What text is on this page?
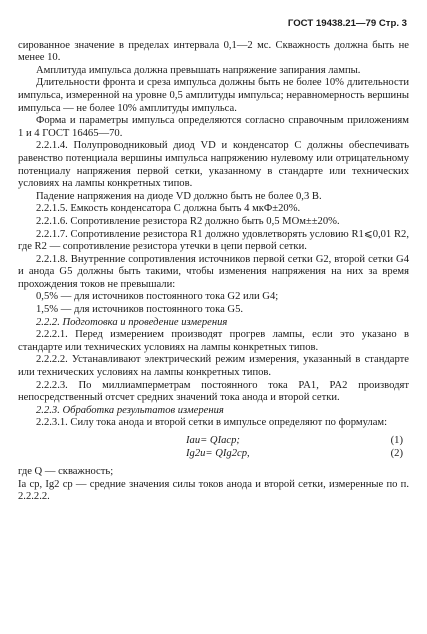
ГОСТ 19438.21—79 Стр. 3

сированное значение в пределах интервала 0,1—2 мс. Скважность должна быть не менее 10.

Амплитуда импульса должна превышать напряжение запирания лампы.

Длительности фронта и среза импульса должны быть не более 10% длительности импульса, измеренной на уровне 0,5 амплитуды импульса; неравномерность вершины импульса — не более 10% амплитуды импульса.

Форма и параметры импульса определяются согласно справочным приложениям 1 и 4 ГОСТ 16465—70.

2.2.1.4. Полупроводниковый диод VD и конденсатор C должны обеспечивать равенство потенциала вершины импульса напряжению нулевому или отрицательному потенциалу напряжения первой сетки, указанному в стандарте или технических условиях на лампы конкретных типов.

Падение напряжения на диоде VD должно быть не более 0,3 В.

2.2.1.5. Емкость конденсатора C должна быть 4 мкФ±20%.

2.2.1.6. Сопротивление резистора R2 должно быть 0,5 МОм±±20%.

2.2.1.7. Сопротивление резистора R1 должно удовлетворять условию R1⩽0,01 R2, где R2 — сопротивление резистора утечки в цепи первой сетки.

2.2.1.8. Внутренние сопротивления источников первой сетки G2, второй сетки G4 и анода G5 должны быть такими, чтобы изменения напряжения на них за время прохождения токов не превышали:

0,5% — для источников постоянного тока G2 или G4;

1,5% — для источников постоянного тока G5.

2.2.2. Подготовка и проведение измерения

2.2.2.1. Перед измерением производят прогрев лампы, если это указано в стандарте или технических условиях на лампы конкретных типов.

2.2.2.2. Устанавливают электрический режим измерения, указанный в стандарте или технических условиях на лампы конкретных типов.

2.2.2.3. По миллиамперметрам постоянного тока PA1, PA2 производят непосредственный отсчет средних значений тока анода и второй сетки.

2.2.3. Обработка результатов измерения

2.2.3.1. Силу тока анода и второй сетки в импульсе определяют по формулам:

Iаи= QIаср;	(1)
Ig2и= QIg2ср,	(2)

где Q — скважность;

Iа ср, Ig2 ср — средние значения силы токов анода и второй сетки, измеренные по п. 2.2.2.2.
